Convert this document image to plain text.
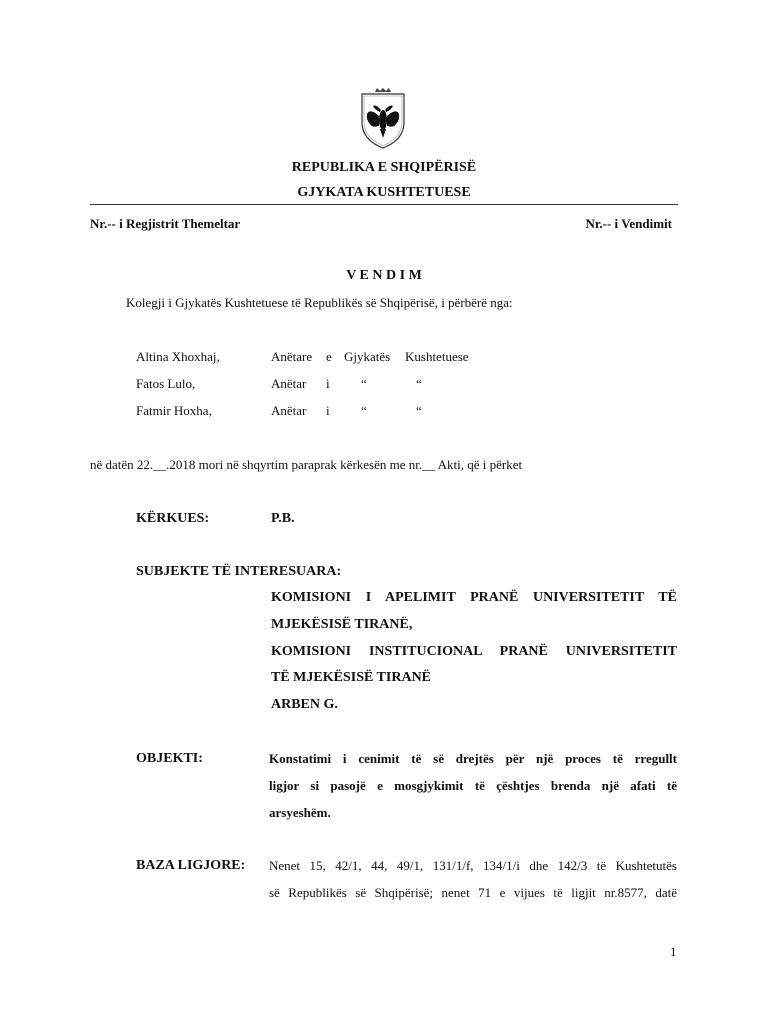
REPUBLIKA E SHQIPËRISË
GJYKATA KUSHTETUESE
Nr.-- i Regjistrit Themeltar	Nr.-- i Vendimit
V E N D I M
Kolegji i Gjykatës Kushtetuese të Republikës së Shqipërisë, i përbërë nga:
Altina Xhoxhaj,	Anëtare e Gjykatës Kushtetuese
Fatos Lulo,	Anëtar i “	“
Fatmir Hoxha,	Anëtar i “	“
në datën 22.__.2018 mori në shqyrtim paraprak kërkesën me nr.__ Akti, që i përket
KËRKUES:	P.B.
SUBJEKTE TË INTERESUARA:
KOMISIONI I APELIMIT PRANË UNIVERSITETIT TË
MJEKËSISË TIRANË,
KOMISIONI INSTITUCIONAL PRANË UNIVERSITETIT
TË MJEKËSISË TIRANË
ARBEN G.
OBJEKTI:	Konstatimi i cenimit të së drejtës për një proces të rregullt
ligjor si pasojë e mosgjykimit të çështjes brenda një afati të
arsyeshëm.
BAZA LIGJORE: Nenet 15, 42/1, 44, 49/1, 131/1/f, 134/1/i dhe 142/3 të Kushtetutës
së Republikës së Shqipërisë; nenet 71 e vijues të ligjit nr.8577, datë
1
